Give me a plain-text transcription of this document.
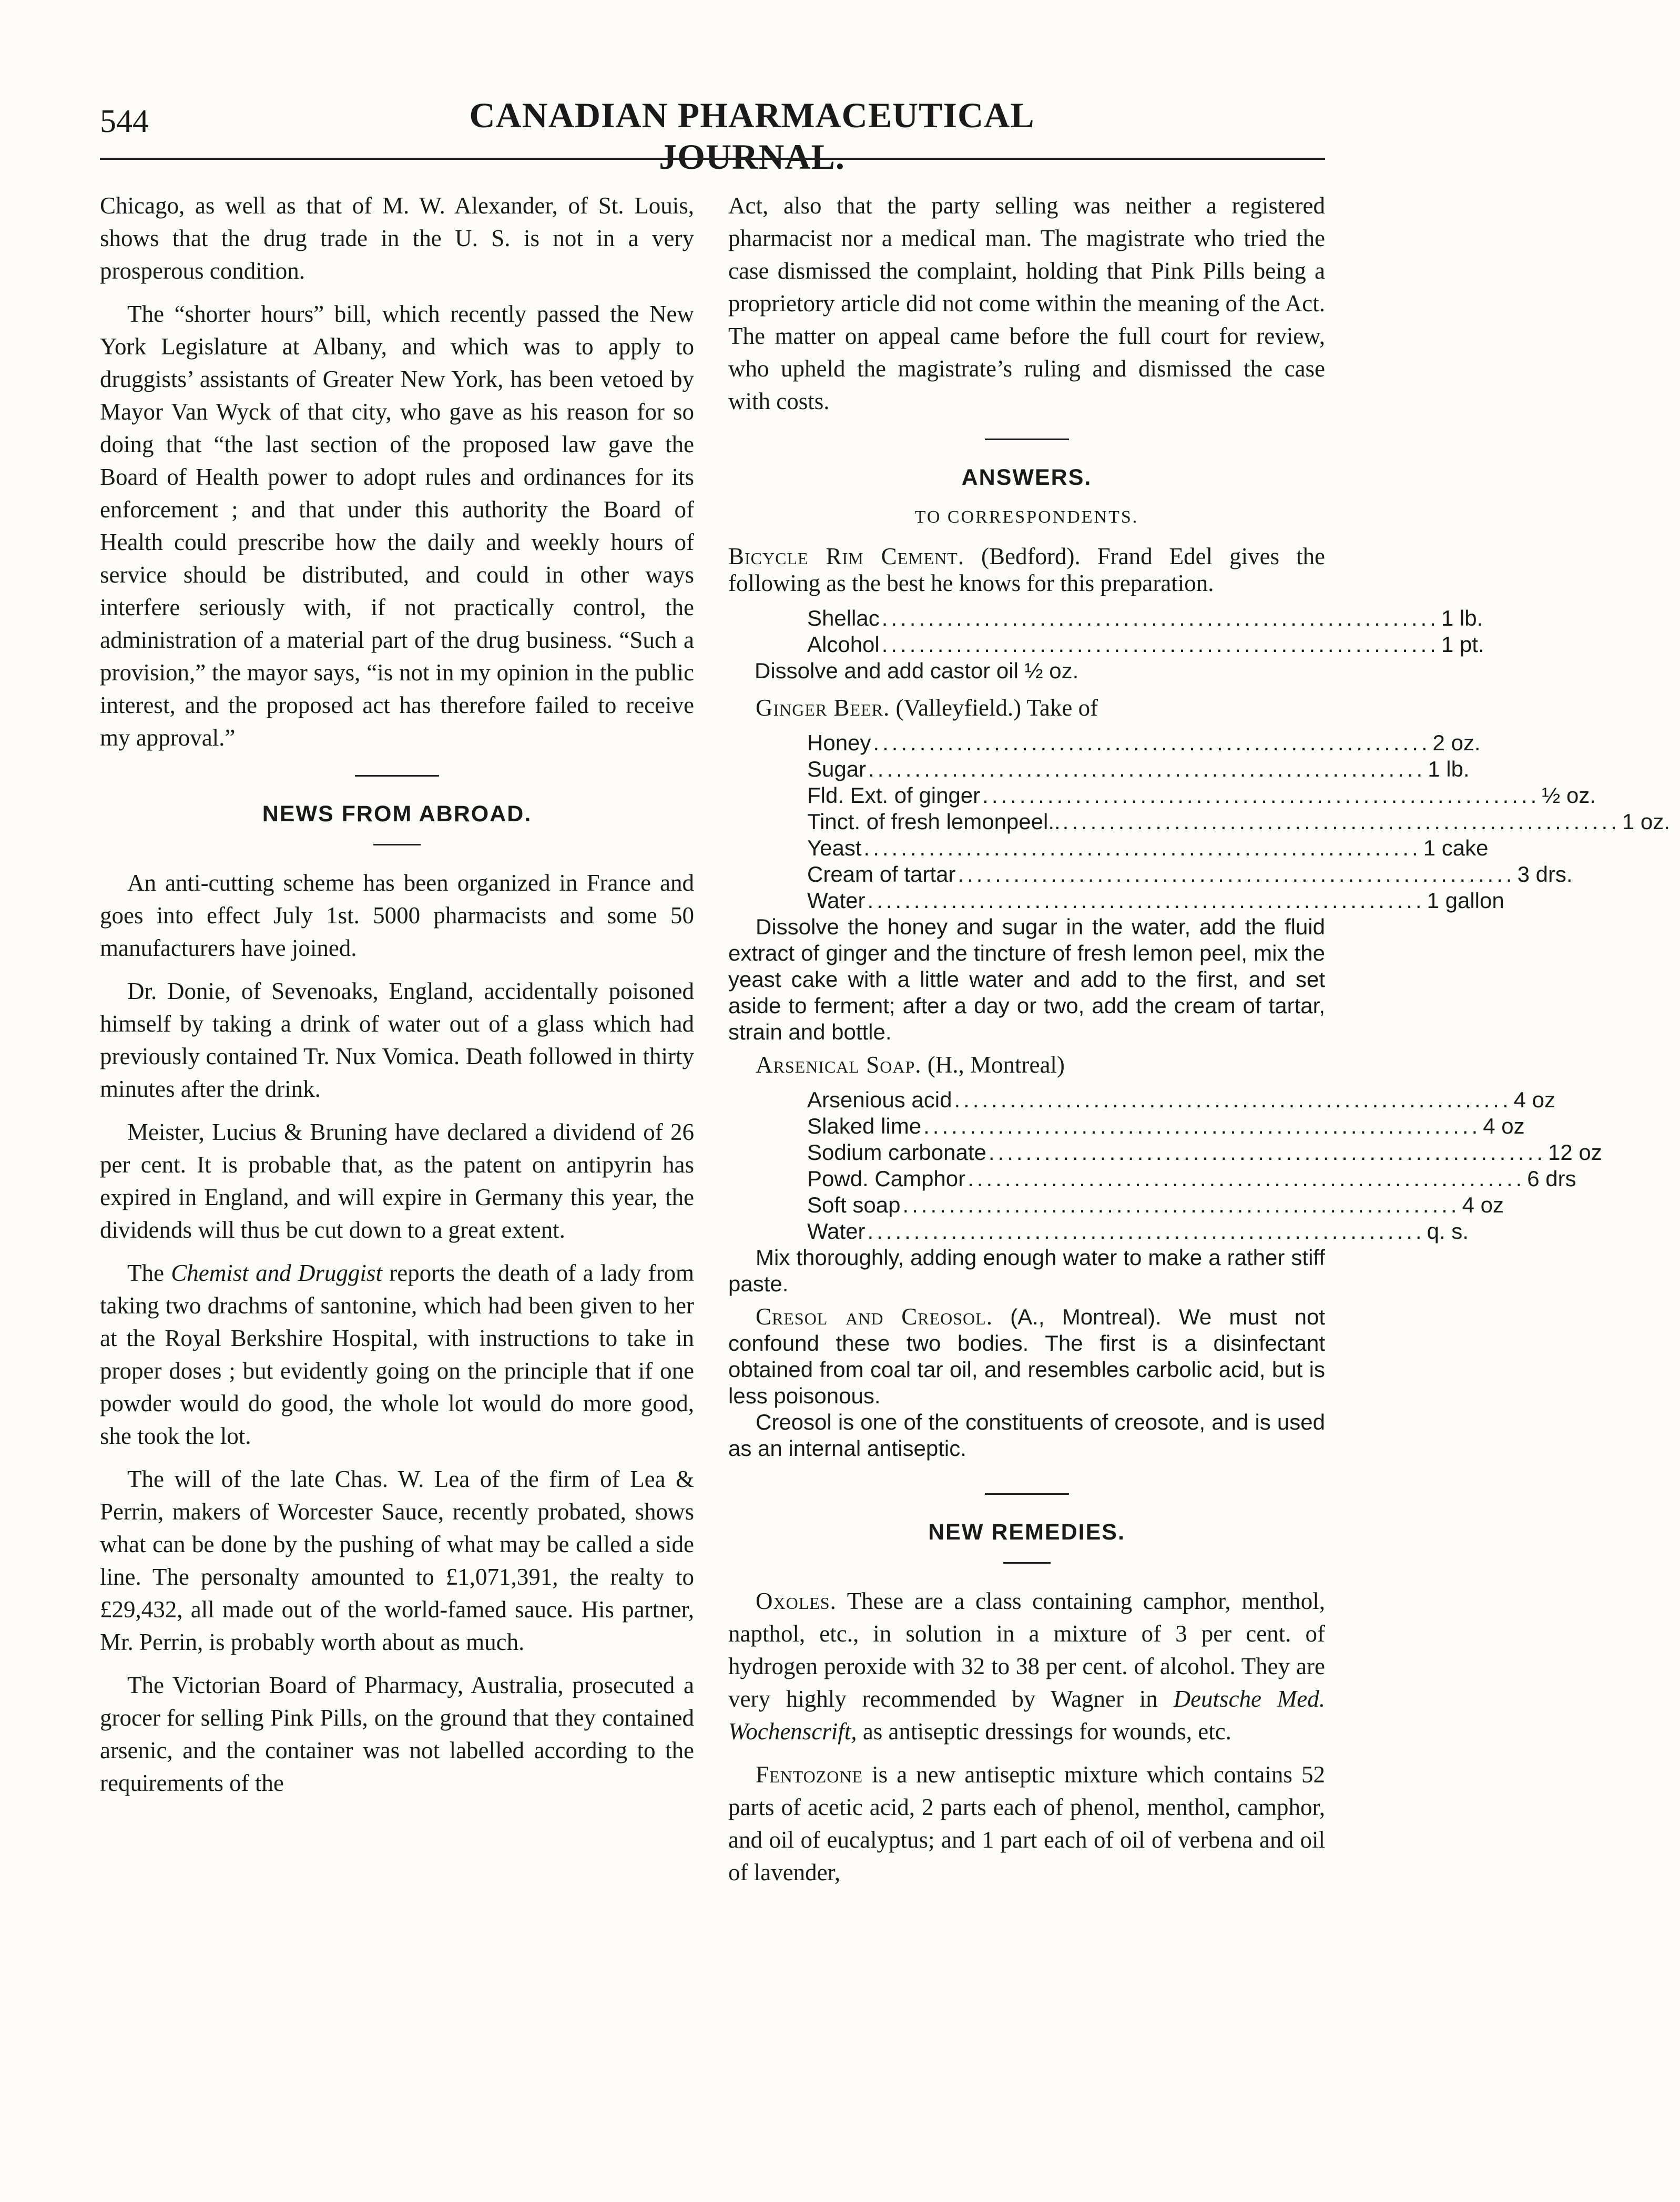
544	CANADIAN PHARMACEUTICAL JOURNAL.

Chicago, as well as that of M. W. Alexander, of St. Louis, shows that the drug trade in the U. S. is not in a very prosperous condition.

The “shorter hours” bill, which recently passed the New York Legislature at Albany, and which was to apply to druggists’ assistants of Greater New York, has been vetoed by Mayor Van Wyck of that city, who gave as his reason for so doing that “the last section of the proposed law gave the Board of Health power to adopt rules and ordinances for its enforcement ; and that under this authority the Board of Health could prescribe how the daily and weekly hours of service should be distributed, and could in other ways interfere seriously with, if not practically control, the administration of a material part of the drug business. “Such a provision,” the mayor says, “is not in my opinion in the public interest, and the proposed act has therefore failed to receive my approval.”

NEWS FROM ABROAD.

An anti-cutting scheme has been organized in France and goes into effect July 1st. 5000 pharmacists and some 50 manufacturers have joined.

Dr. Donie, of Sevenoaks, England, accidentally poisoned himself by taking a drink of water out of a glass which had previously contained Tr. Nux Vomica. Death followed in thirty minutes after the drink.

Meister, Lucius & Bruning have declared a dividend of 26 per cent. It is probable that, as the patent on antipyrin has expired in England, and will expire in Germany this year, the dividends will thus be cut down to a great extent.

The Chemist and Druggist reports the death of a lady from taking two drachms of santonine, which had been given to her at the Royal Berkshire Hospital, with instructions to take in proper doses ; but evidently going on the principle that if one powder would do good, the whole lot would do more good, she took the lot.

The will of the late Chas. W. Lea of the firm of Lea & Perrin, makers of Worcester Sauce, recently probated, shows what can be done by the pushing of what may be called a side line. The personalty amounted to £1,071,391, the realty to £29,432, all made out of the world-famed sauce. His partner, Mr. Perrin, is probably worth about as much.

The Victorian Board of Pharmacy, Australia, prosecuted a grocer for selling Pink Pills, on the ground that they contained arsenic, and the container was not labelled according to the requirements of the

Act, also that the party selling was neither a registered pharmacist nor a medical man. The magistrate who tried the case dismissed the complaint, holding that Pink Pills being a proprietory article did not come within the meaning of the Act. The matter on appeal came before the full court for review, who upheld the magistrate’s ruling and dismissed the case with costs.

ANSWERS.
TO CORRESPONDENTS.

Bicycle Rim Cement. (Bedford). Frand Edel gives the following as the best he knows for this preparation.

Shellac ............................................................ 1 lb.
Alcohol ............................................................ 1 pt.

Dissolve and add castor oil ½ oz.

Ginger Beer. (Valleyfield.) Take of

Honey ............................................................ 2 oz.
Sugar ............................................................ 1 lb.
Fld. Ext. of ginger ............................................................ ½ oz.
Tinct. of fresh lemonpeel.. ............................................................ 1 oz.
Yeast ............................................................ 1 cake
Cream of tartar ............................................................ 3 drs.
Water ............................................................ 1 gallon

Dissolve the honey and sugar in the water, add the fluid extract of ginger and the tincture of fresh lemon peel, mix the yeast cake with a little water and add to the first, and set aside to ferment; after a day or two, add the cream of tartar, strain and bottle.

Arsenical Soap. (H., Montreal)

Arsenious acid ............................................................ 4 oz
Slaked lime ............................................................ 4 oz
Sodium carbonate ............................................................ 12 oz
Powd. Camphor ............................................................ 6 drs
Soft soap ............................................................ 4 oz
Water ............................................................ q. s.

Mix thoroughly, adding enough water to make a rather stiff paste.

Cresol and Creosol. (A., Montreal). We must not confound these two bodies. The first is a disinfectant obtained from coal tar oil, and resembles carbolic acid, but is less poisonous.

Creosol is one of the constituents of creosote, and is used as an internal antiseptic.

NEW REMEDIES.

Oxoles. These are a class containing camphor, menthol, napthol, etc., in solution in a mixture of 3 per cent. of hydrogen peroxide with 32 to 38 per cent. of alcohol. They are very highly recommended by Wagner in Deutsche Med. Wochenscrift, as antiseptic dressings for wounds, etc.

Fentozone is a new antiseptic mixture which contains 52 parts of acetic acid, 2 parts each of phenol, menthol, camphor, and oil of eucalyptus; and 1 part each of oil of verbena and oil of lavender,
